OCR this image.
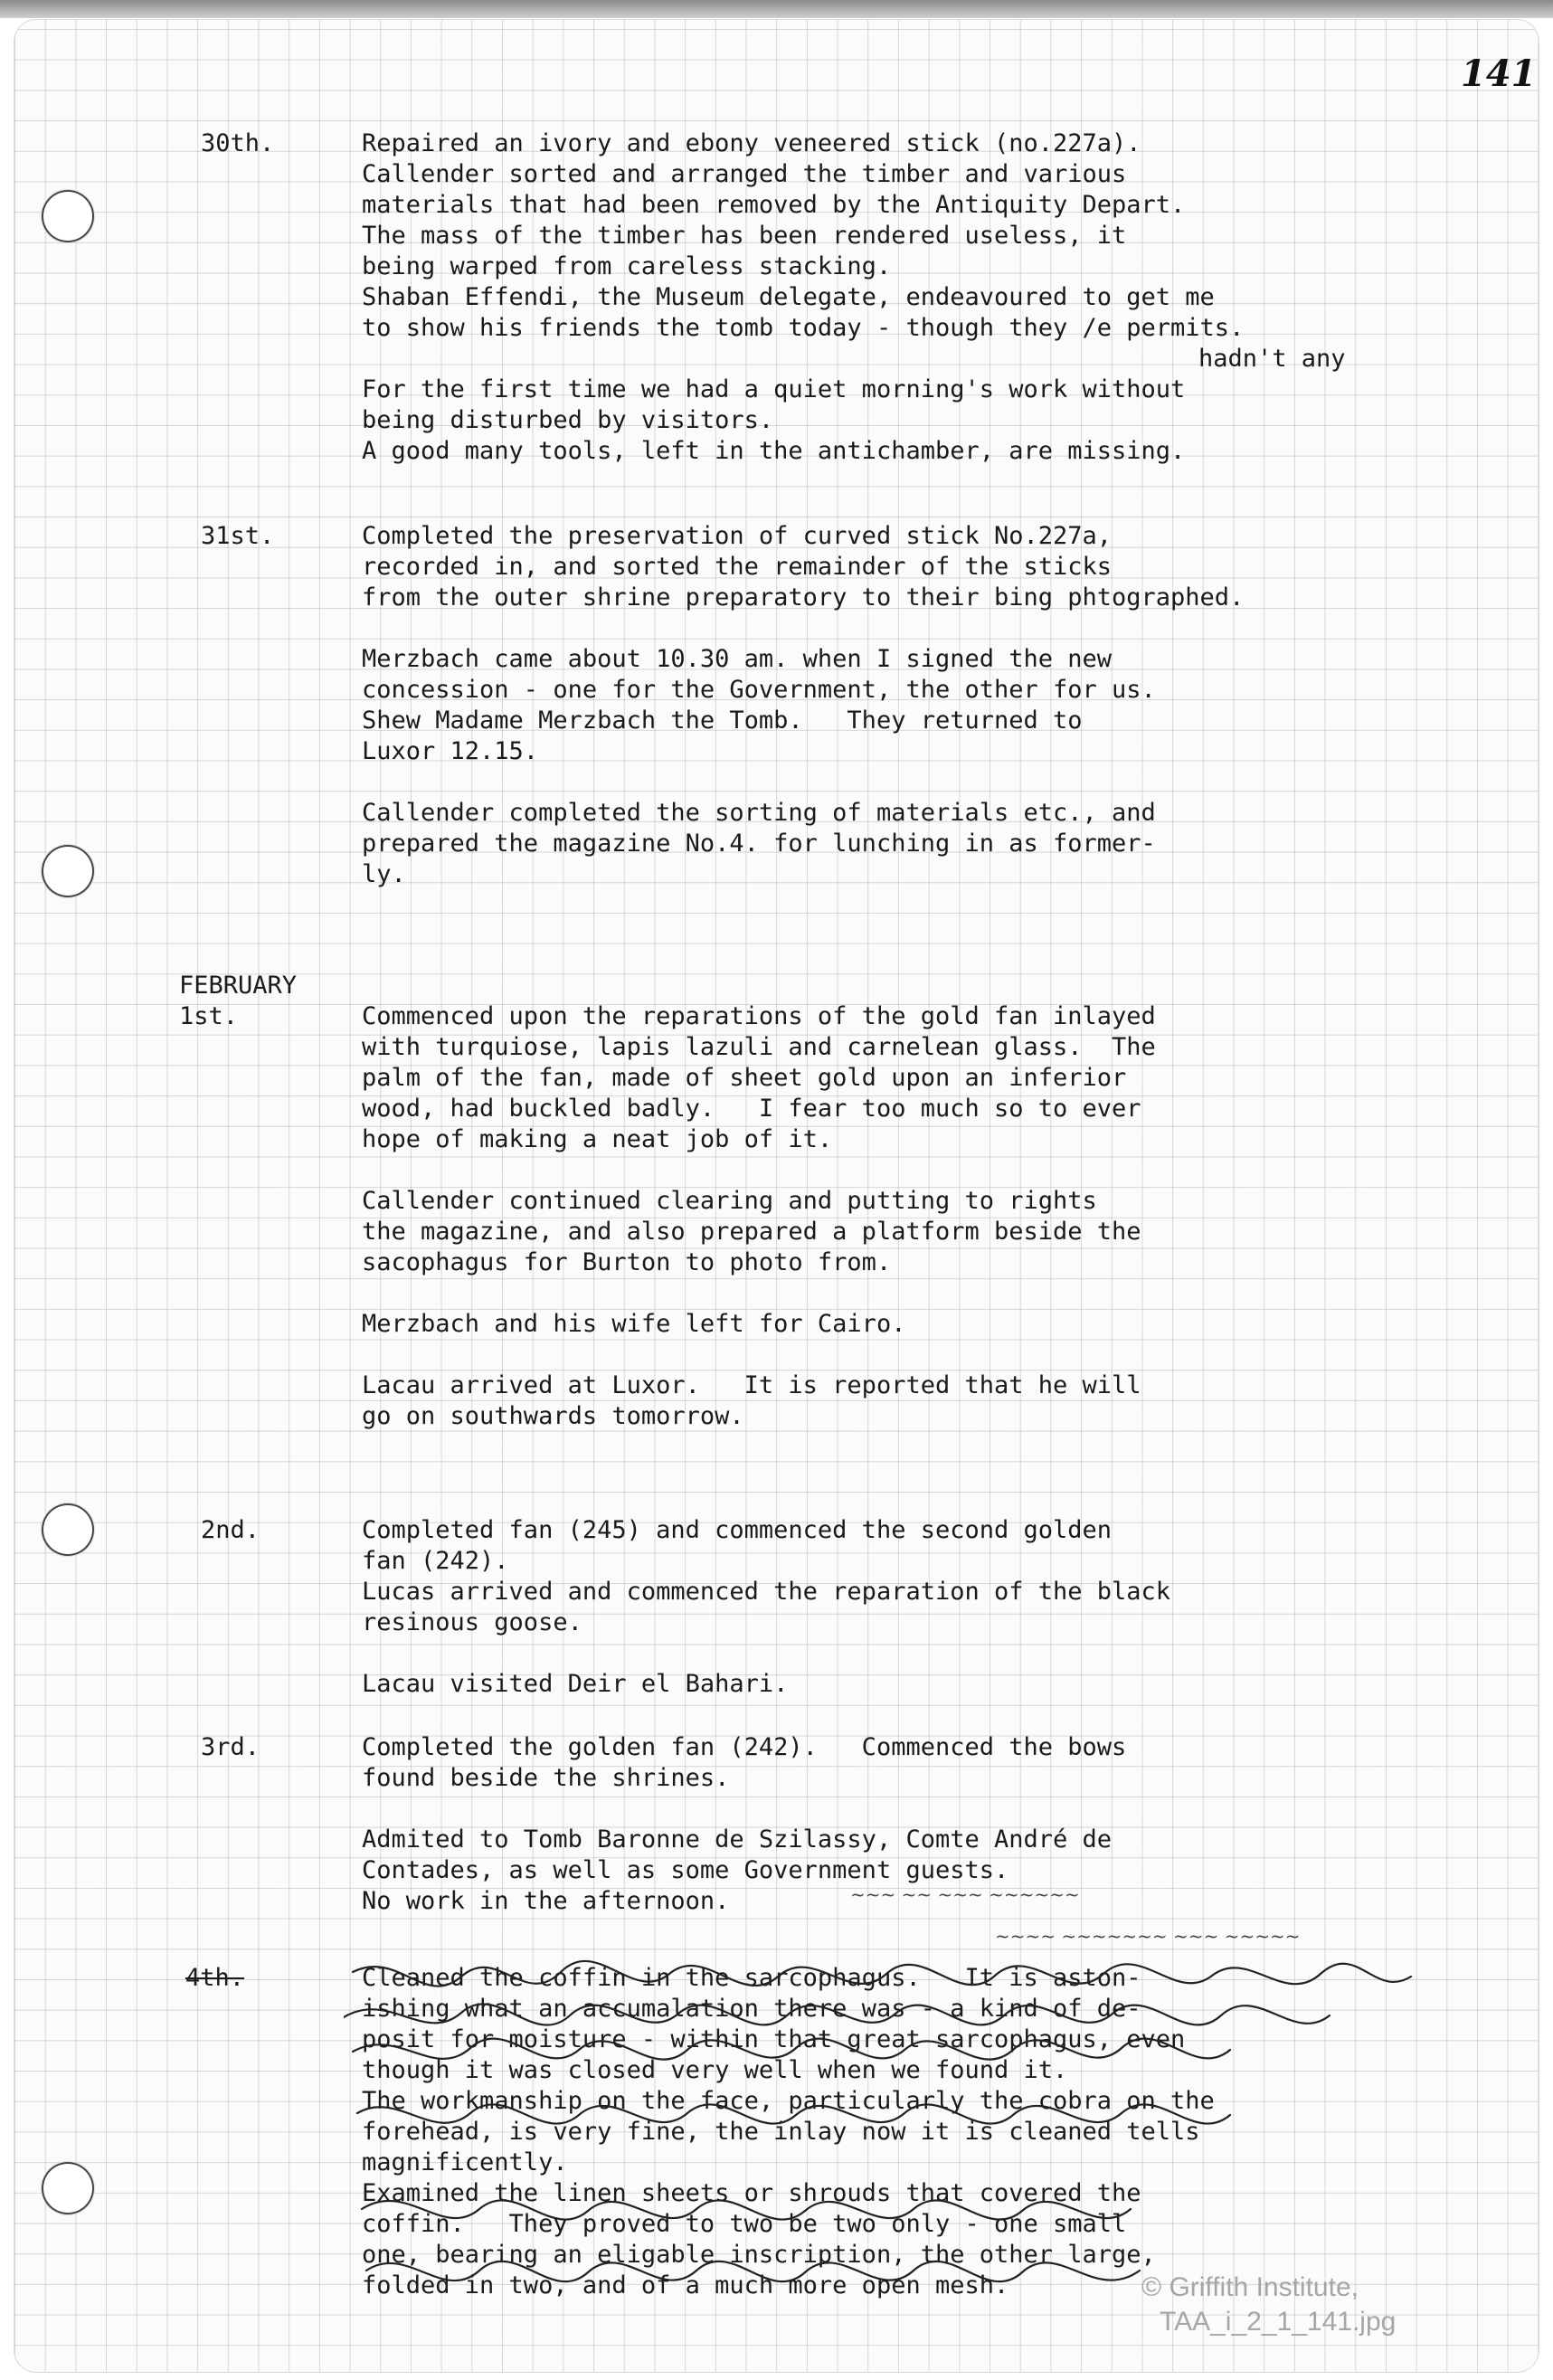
141
30th.	Repaired an ivory and ebony veneered stick (no.227a).
Callender sorted and arranged the timber and various
materials that had been removed by the Antiquity Depart.
The mass of the timber has been rendered useless, it
being warped from careless stacking.
Shaban Effendi, the Museum delegate, endeavoured to get me
to show his friends the tomb today - though they /e permits.

For the first time we had a quiet morning's work without
being disturbed by visitors.
A good many tools, left in the antichamber, are missing.

hadn't any
31st.	Completed the preservation of curved stick No.227a,
recorded in, and sorted the remainder of the sticks
from the outer shrine preparatory to their bing phtographed.

Merzbach came about 10.30 am. when I signed the new
concession - one for the Government, the other for us.
Shew Madame Merzbach the Tomb.   They returned to
Luxor 12.15.

Callender completed the sorting of materials etc., and
prepared the magazine No.4. for lunching in as former-
ly.

FEBRUARY
1st.	Commenced upon the reparations of the gold fan inlayed
with turquiose, lapis lazuli and carnelean glass.  The
palm of the fan, made of sheet gold upon an inferior
wood, had buckled badly.   I fear too much so to ever
hope of making a neat job of it.

Callender continued clearing and putting to rights
the magazine, and also prepared a platform beside the
sacophagus for Burton to photo from.

Merzbach and his wife left for Cairo.

Lacau arrived at Luxor.   It is reported that he will
go on southwards tomorrow.

2nd.	Completed fan (245) and commenced the second golden
fan (242).
Lucas arrived and commenced the reparation of the black
resinous goose.

Lacau visited Deir el Bahari.

3rd.	Completed the golden fan (242).   Commenced the bows
found beside the shrines.

Admited to Tomb Baronne de Szilassy, Comte André de
Contades, as well as some Government guests.
No work in the afternoon.

4th.	Cleaned the coffin in the sarcophagus.   It is aston-
ishing what an accumalation there was - a kind of de-
posit for moisture - within that great sarcophagus, even
though it was closed very well when we found it.
The workmanship on the face, particularly the cobra on the
forehead, is very fine, the inlay now it is cleaned tells
magnificently.
Examined the linen sheets or shrouds that covered the
coffin.   They proved to two be two only - one small
one, bearing an eligable inscription, the other large,
folded in two, and of a much more open mesh.

~~~ ~~ ~~~ ~~~~~~
~~~~ ~~~~~~~ ~~~ ~~~~~
© Griffith Institute,
TAA_i_2_1_141.jpg
